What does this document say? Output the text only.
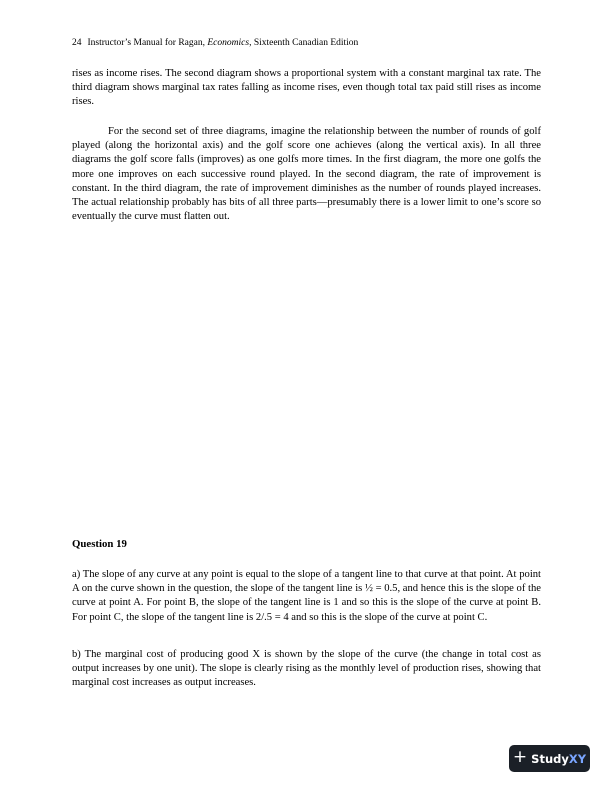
24 Instructor’s Manual for Ragan, Economics, Sixteenth Canadian Edition

rises as income rises. The second diagram shows a proportional system with a constant marginal tax rate. The third diagram shows marginal tax rates falling as income rises, even though total tax paid still rises as income rises.

For the second set of three diagrams, imagine the relationship between the number of rounds of golf played (along the horizontal axis) and the golf score one achieves (along the vertical axis). In all three diagrams the golf score falls (improves) as one golfs more times. In the first diagram, the more one golfs the more one improves on each successive round played. In the second diagram, the rate of improvement is constant. In the third diagram, the rate of improvement diminishes as the number of rounds played increases. The actual relationship probably has bits of all three parts—presumably there is a lower limit to one’s score so eventually the curve must flatten out.

Question 19

a) The slope of any curve at any point is equal to the slope of a tangent line to that curve at that point. At point A on the curve shown in the question, the slope of the tangent line is ½ = 0.5, and hence this is the slope of the curve at point A. For point B, the slope of the tangent line is 1 and so this is the slope of the curve at point B. For point C, the slope of the tangent line is 2/.5 = 4 and so this is the slope of the curve at point C.

b) The marginal cost of producing good X is shown by the slope of the curve (the change in total cost as output increases by one unit). The slope is clearly rising as the monthly level of production rises, showing that marginal cost increases as output increases.

+ StudyXY
